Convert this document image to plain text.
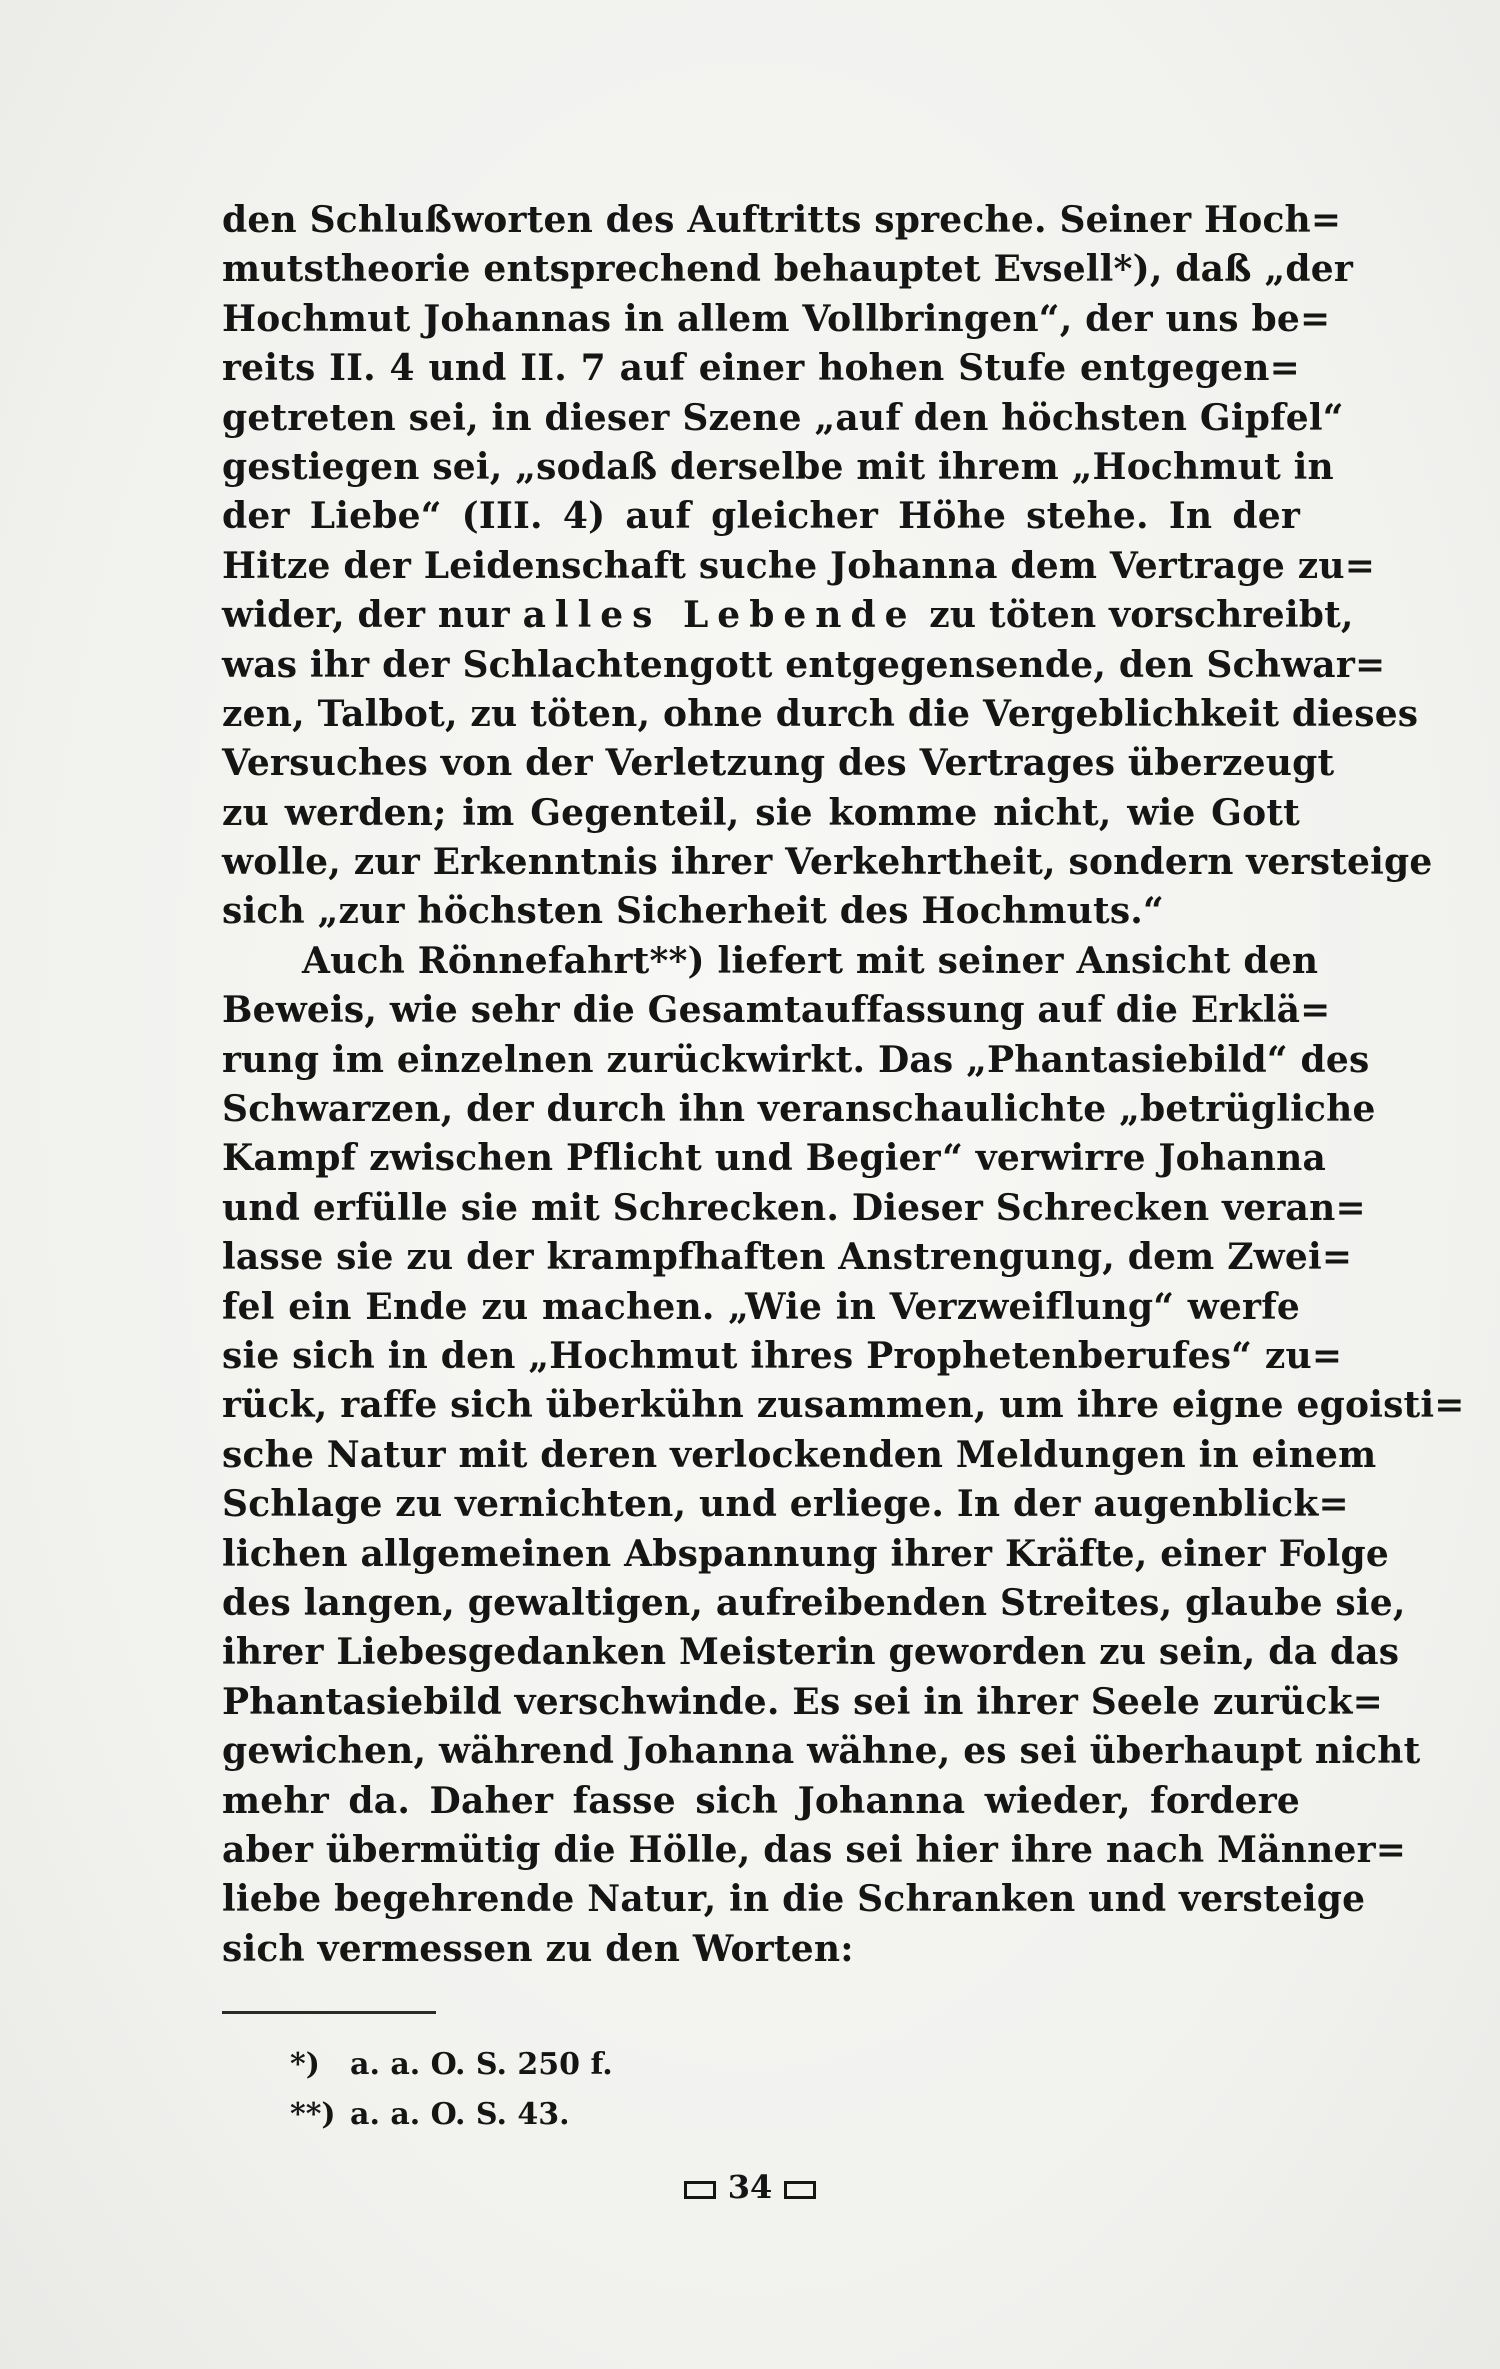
den Schlußworten des Auftritts spreche. Seiner Hoch=
mutstheorie entsprechend behauptet Evsell*), daß „der
Hochmut Johannas in allem Vollbringen“, der uns be=
reits II. 4 und II. 7 auf einer hohen Stufe entgegen=
getreten sei, in dieser Szene „auf den höchsten Gipfel“
gestiegen sei, „sodaß derselbe mit ihrem „Hochmut in
der Liebe“ (III. 4) auf gleicher Höhe stehe. In der
Hitze der Leidenschaft suche Johanna dem Vertrage zu=
wider, der nur alles Lebende zu töten vorschreibt,
was ihr der Schlachtengott entgegensende, den Schwar=
zen, Talbot, zu töten, ohne durch die Vergeblichkeit dieses
Versuches von der Verletzung des Vertrages überzeugt
zu werden; im Gegenteil, sie komme nicht, wie Gott
wolle, zur Erkenntnis ihrer Verkehrtheit, sondern versteige
sich „zur höchsten Sicherheit des Hochmuts.“
Auch Rönnefahrt**) liefert mit seiner Ansicht den
Beweis, wie sehr die Gesamtauffassung auf die Erklä=
rung im einzelnen zurückwirkt. Das „Phantasiebild“ des
Schwarzen, der durch ihn veranschaulichte „betrügliche
Kampf zwischen Pflicht und Begier“ verwirre Johanna
und erfülle sie mit Schrecken. Dieser Schrecken veran=
lasse sie zu der krampfhaften Anstrengung, dem Zwei=
fel ein Ende zu machen. „Wie in Verzweiflung“ werfe
sie sich in den „Hochmut ihres Prophetenberufes“ zu=
rück, raffe sich überkühn zusammen, um ihre eigne egoisti=
sche Natur mit deren verlockenden Meldungen in einem
Schlage zu vernichten, und erliege. In der augenblick=
lichen allgemeinen Abspannung ihrer Kräfte, einer Folge
des langen, gewaltigen, aufreibenden Streites, glaube sie,
ihrer Liebesgedanken Meisterin geworden zu sein, da das
Phantasiebild verschwinde. Es sei in ihrer Seele zurück=
gewichen, während Johanna wähne, es sei überhaupt nicht
mehr da. Daher fasse sich Johanna wieder, fordere
aber übermütig die Hölle, das sei hier ihre nach Männer=
liebe begehrende Natur, in die Schranken und versteige
sich vermessen zu den Worten:
*) a. a. O. S. 250 f.
**) a. a. O. S. 43.
34
